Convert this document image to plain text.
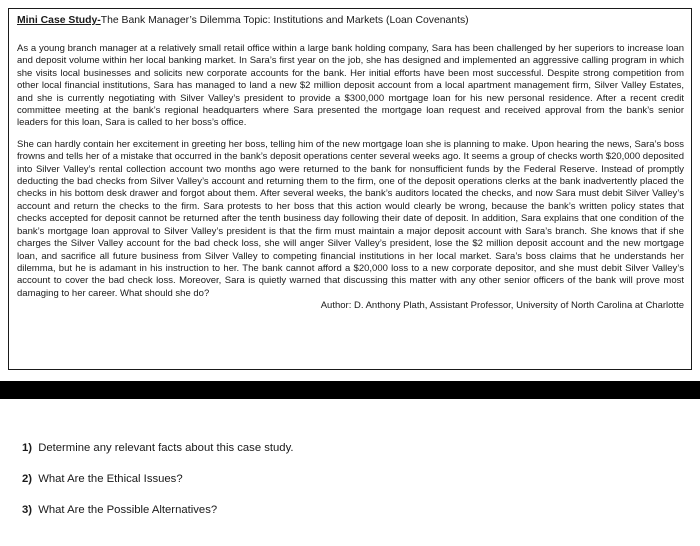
Mini Case Study-The Bank Manager’s Dilemma Topic: Institutions and Markets (Loan Covenants)

As a young branch manager at a relatively small retail office within a large bank holding company, Sara has been challenged by her superiors to increase loan and deposit volume within her local banking market. In Sara’s first year on the job, she has designed and implemented an aggressive calling program in which she visits local businesses and solicits new corporate accounts for the bank. Her initial efforts have been most successful. Despite strong competition from other local financial institutions, Sara has managed to land a new $2 million deposit account from a local apartment management firm, Silver Valley Estates, and she is currently negotiating with Silver Valley’s president to provide a $300,000 mortgage loan for his new personal residence. After a recent credit committee meeting at the bank’s regional headquarters where Sara presented the mortgage loan request and received approval from the bank’s senior leaders for this loan, Sara is called to her boss’s office.

She can hardly contain her excitement in greeting her boss, telling him of the new mortgage loan she is planning to make. Upon hearing the news, Sara’s boss frowns and tells her of a mistake that occurred in the bank’s deposit operations center several weeks ago. It seems a group of checks worth $20,000 deposited into Silver Valley’s rental collection account two months ago were returned to the bank for nonsufficient funds by the Federal Reserve. Instead of promptly deducting the bad checks from Silver Valley’s account and returning them to the firm, one of the deposit operations clerks at the bank inadvertently placed the checks in his bottom desk drawer and forgot about them. After several weeks, the bank’s auditors located the checks, and now Sara must debit Silver Valley’s account and return the checks to the firm. Sara protests to her boss that this action would clearly be wrong, because the bank’s written policy states that checks accepted for deposit cannot be returned after the tenth business day following their date of deposit. In addition, Sara explains that one condition of the bank’s mortgage loan approval to Silver Valley’s president is that the firm must maintain a major deposit account with Sara’s branch. She knows that if she charges the Silver Valley account for the bad check loss, she will anger Silver Valley’s president, lose the $2 million deposit account and the new mortgage loan, and sacrifice all future business from Silver Valley to competing financial institutions in her local market. Sara’s boss claims that he understands her dilemma, but he is adamant in his instruction to her. The bank cannot afford a $20,000 loss to a new corporate depositor, and she must debit Silver Valley’s account to cover the bad check loss. Moreover, Sara is quietly warned that discussing this matter with any other senior officers of the bank will prove most damaging to her career. What should she do?

Author: D. Anthony Plath, Assistant Professor, University of North Carolina at Charlotte

1) Determine any relevant facts about this case study.

2) What Are the Ethical Issues?

3) What Are the Possible Alternatives?
